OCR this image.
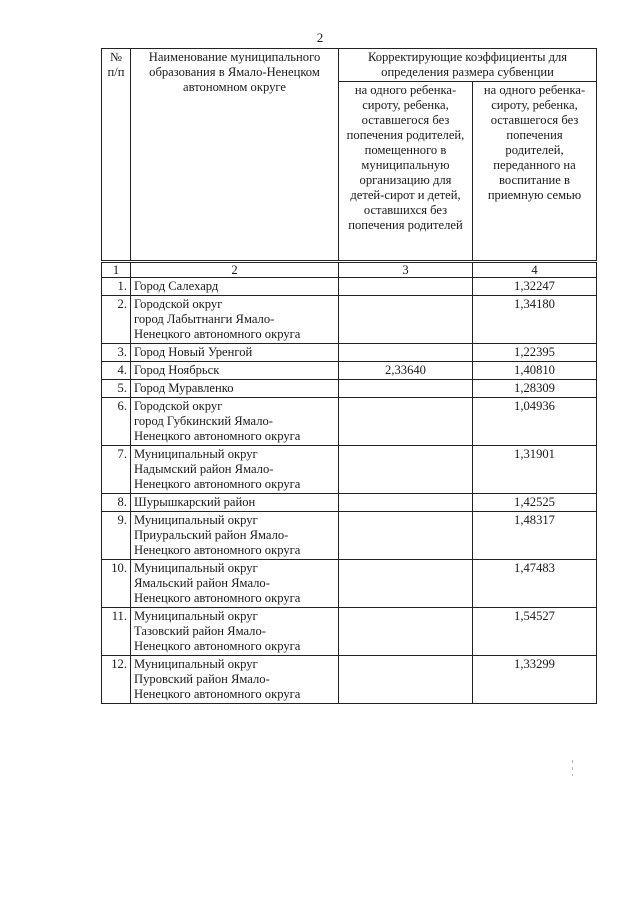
2
№ п/п	Наименование муниципального образования в Ямало-Ненецком автономном округе	Корректирующие коэффициенты для определения размера субвенции	
		на одного ребенка-сироту, ребенка, оставшегося без попечения родителей, помещенного в муниципальную организацию для детей-сирот и детей, оставшихся без попечения родителей	на одного ребенка-сироту, ребенка, оставшегося без попечения родителей, переданного на воспитание в приемную семью
1	2	3	4
1.	Город Салехард		1,32247
2.	Городской округ
город Лабытнанги Ямало-
Ненецкого автономного округа		1,34180
3.	Город Новый Уренгой		1,22395
4.	Город Ноябрьск	2,33640	1,40810
5.	Город Муравленко		1,28309
6.	Городской округ
город Губкинский Ямало-
Ненецкого автономного округа		1,04936
7.	Муниципальный округ
Надымский район Ямало-
Ненецкого автономного округа		1,31901
8.	Шурышкарский район		1,42525
9.	Муниципальный округ
Приуральский район Ямало-
Ненецкого автономного округа		1,48317
10.	Муниципальный округ
Ямальский район Ямало-
Ненецкого автономного округа		1,47483
11.	Муниципальный округ
Тазовский район Ямало-
Ненецкого автономного округа		1,54527
12.	Муниципальный округ
Пуровский район Ямало-
Ненецкого автономного округа		1,33299
